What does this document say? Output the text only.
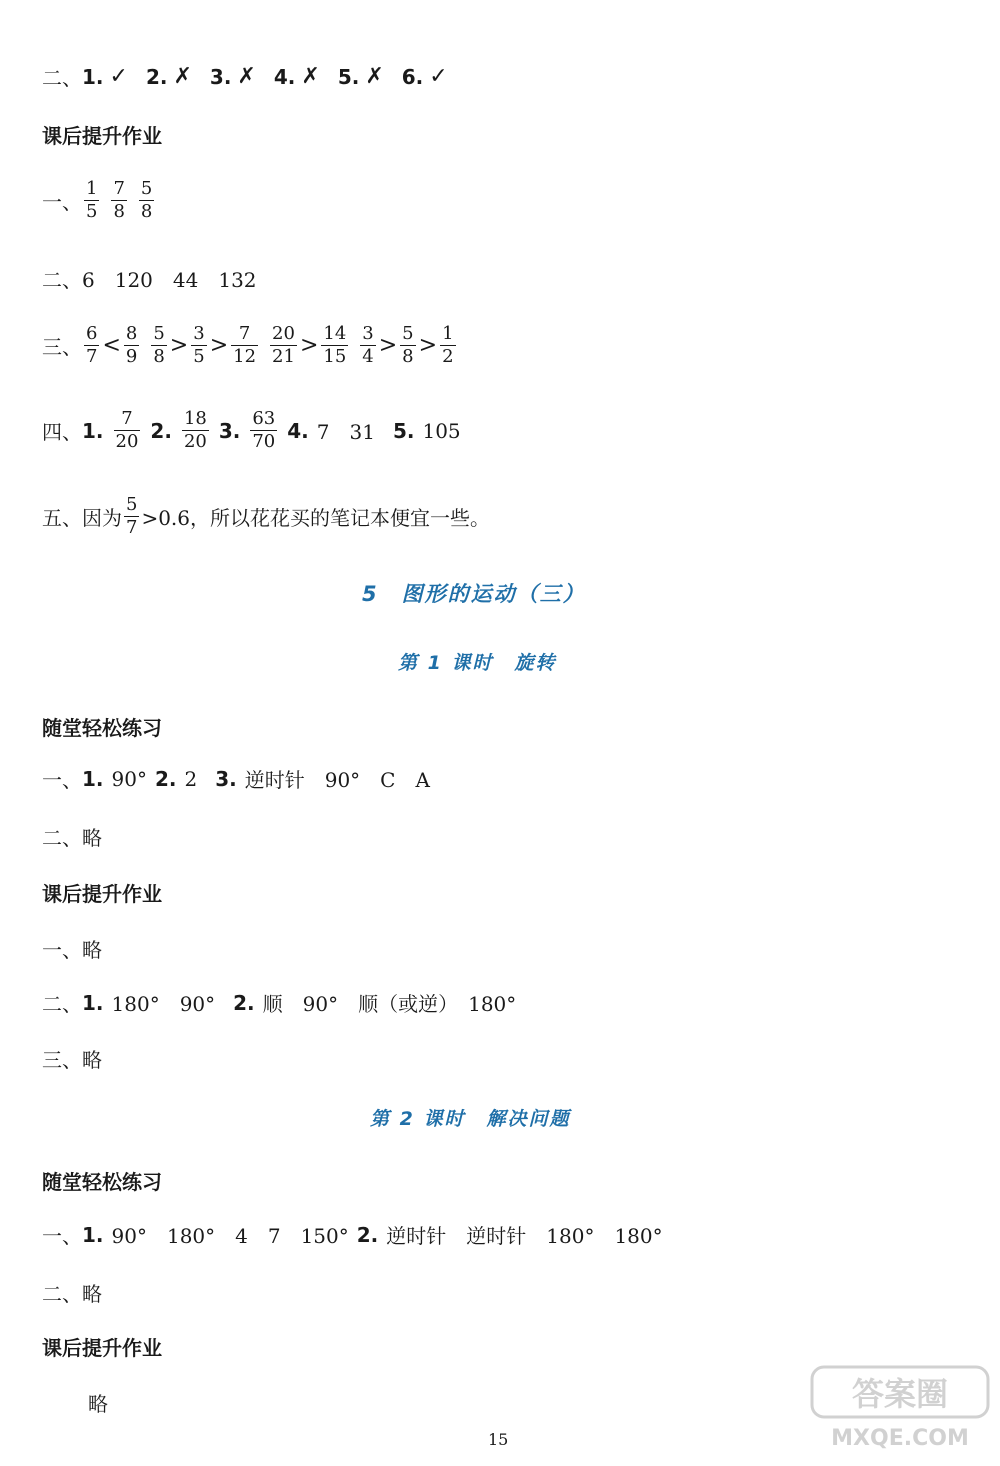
二、 1. ✓ 2. ✗ 3. ✗ 4. ✗ 5. ✗ 6. ✓
课后提升作业
一、 $\frac{1}{5} \frac{7}{8} \frac{5}{8}$
二、6　120　44　132
三、 $\frac{6}{7} < \frac{8}{9} \frac{5}{8} > \frac{3}{5} > \frac{7}{12} \frac{20}{21} > \frac{14}{15} \frac{3}{4} > \frac{5}{8} > \frac{1}{2}$
四、 1. $\frac{7}{20} 2$. $\frac{18}{20} 3$. $\frac{63}{70} 4$. 7　31 5. 105
五、因为 $\frac{5}{7} >0.6$，所以花花买的笔记本便宜一些。
5　图形的运动（三）
第 1 课时　旋转
随堂轻松练习
一、 1. 90° 2. 2 3. 逆时针　90°　C　A
二、略
课后提升作业
一、略
二、 1. 180°　90° 2. 顺　90°　顺（或逆）　180°
三、略
第 2 课时　解决问题
随堂轻松练习
一、 1. 90°　180°　4　7　150° 2. 逆时针　逆时针　180°　180°
二、略
课后提升作业
略
15
答案圈
MXQE.COM
